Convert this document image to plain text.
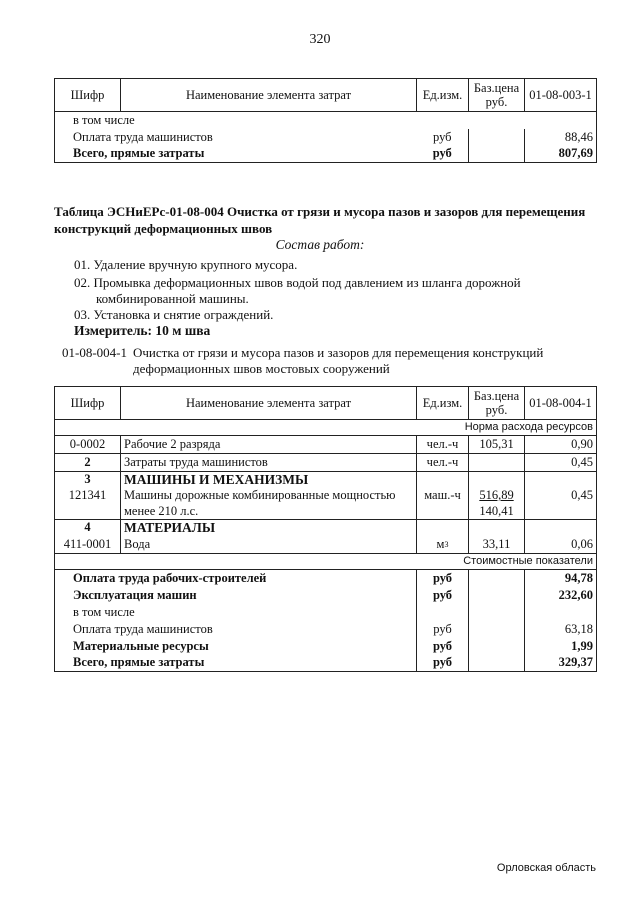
320
Шифр	Наименование элемента затрат	Ед.изм.	Баз.цена руб.	01-08-003-1
в том числе				
Оплата труда машинистов		руб		88,46
Всего, прямые затраты		руб		807,69
Таблица ЭСНиЕРс-01-08-004 Очистка от грязи и мусора пазов и зазоров для перемещения конструкций деформационных швов
Состав работ:
01. Удаление вручную крупного мусора.
02. Промывка деформационных швов водой под давлением из шланга дорожной
комбинированной машины.
03. Установка и снятие ограждений.
Измеритель: 10 м шва
01-08-004-1 Очистка от грязи и мусора пазов и зазоров для перемещения конструкций
деформационных швов мостовых сооружений
Шифр	Наименование элемента затрат	Ед.изм.	Баз.цена руб.	01-08-004-1
Норма расхода ресурсов				
0-0002	Рабочие 2 разряда	чел.-ч	105,31	0,90
2	Затраты труда машинистов	чел.-ч		0,45
3	МАШИНЫ И МЕХАНИЗМЫ			
121341	Машины дорожные комбинированные мощностью	маш.-ч	516,89	0,45
	менее 210 л.с.		140,41	
4	МАТЕРИАЛЫ			
411-0001	Вода	$м^3$	33,11	0,06
Стоимостные показатели				
Оплата труда рабочих-строителей		руб		94,78
Эксплуатация машин		руб		232,60
в том числе				
Оплата труда машинистов		руб		63,18
Материальные ресурсы		руб		1,99
Всего, прямые затраты		руб		329,37
Орловская область
